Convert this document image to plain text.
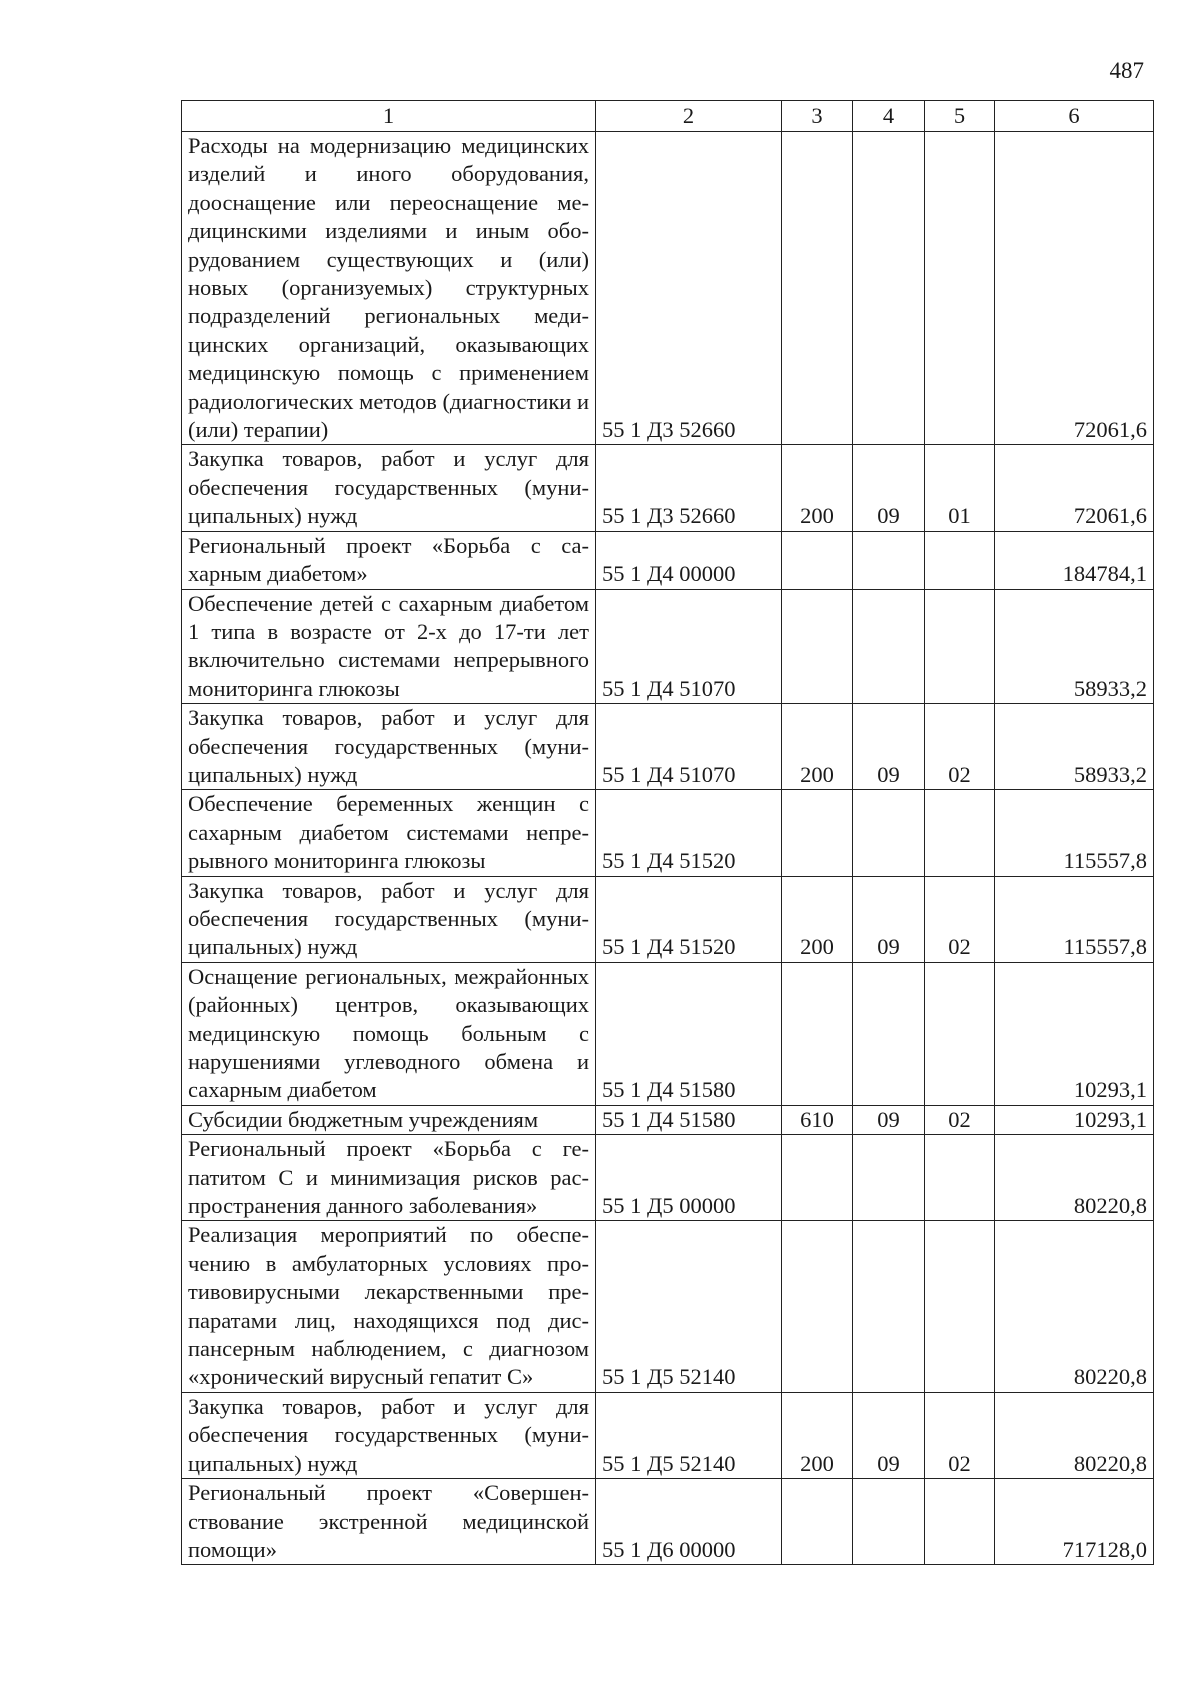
487
1	2	3	4	5	6
Расходы на модернизацию медицинских изделий и иного оборудования, дооснащение или переоснащение медицинскими изделиями и иным оборудованием существующих и (или) новых (организуемых) структурных подразделений региональных медицинских организаций, оказывающих медицинскую помощь с применением радиологических методов (диагностики и (или) терапии)	55 1 Д3 52660				72061,6
Закупка товаров, работ и услуг для обеспечения государственных (муниципальных) нужд	55 1 Д3 52660	200	09	01	72061,6
Региональный проект «Борьба с сахарным диабетом»	55 1 Д4 00000				184784,1
Обеспечение детей с сахарным диабетом 1 типа в возрасте от 2-х до 17-ти лет включительно системами непрерывного мониторинга глюкозы	55 1 Д4 51070				58933,2
Закупка товаров, работ и услуг для обеспечения государственных (муниципальных) нужд	55 1 Д4 51070	200	09	02	58933,2
Обеспечение беременных женщин с сахарным диабетом системами непрерывного мониторинга глюкозы	55 1 Д4 51520				115557,8
Закупка товаров, работ и услуг для обеспечения государственных (муниципальных) нужд	55 1 Д4 51520	200	09	02	115557,8
Оснащение региональных, межрайонных (районных) центров, оказывающих медицинскую помощь больным с нарушениями углеводного обмена и сахарным диабетом	55 1 Д4 51580				10293,1
Субсидии бюджетным учреждениям	55 1 Д4 51580	610	09	02	10293,1
Региональный проект «Борьба с гепатитом С и минимизация рисков распространения данного заболевания»	55 1 Д5 00000				80220,8
Реализация мероприятий по обеспечению в амбулаторных условиях противовирусными лекарственными препаратами лиц, находящихся под диспансерным наблюдением, с диагнозом «хронический вирусный гепатит С»	55 1 Д5 52140				80220,8
Закупка товаров, работ и услуг для обеспечения государственных (муниципальных) нужд	55 1 Д5 52140	200	09	02	80220,8
Региональный проект «Совершенствование экстренной медицинской помощи»	55 1 Д6 00000				717128,0
